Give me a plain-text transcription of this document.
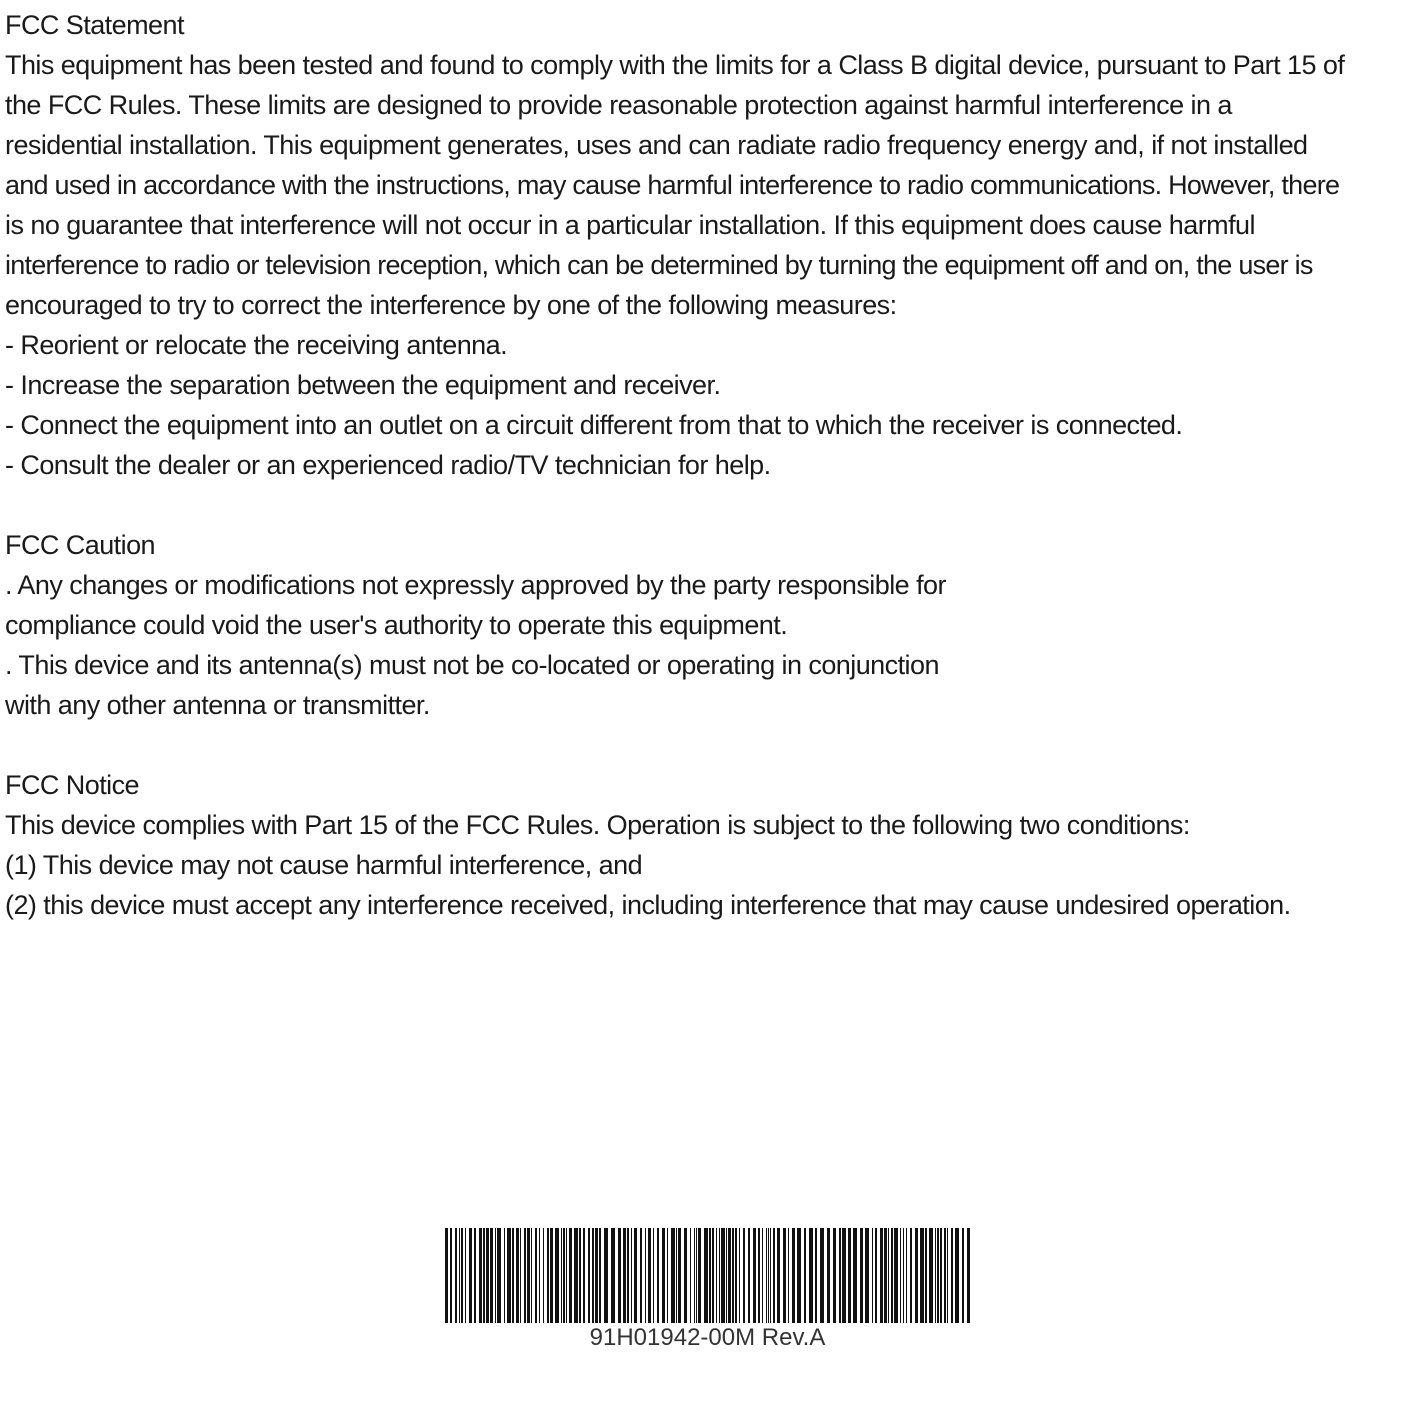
FCC Statement
This equipment has been tested and found to comply with the limits for a Class B digital device, pursuant to Part 15 of
the FCC Rules. These limits are designed to provide reasonable protection against harmful interference in a
residential installation. This equipment generates, uses and can radiate radio frequency energy and, if not installed
and used in accordance with the instructions, may cause harmful interference to radio communications. However, there
is no guarantee that interference will not occur in a particular installation. If this equipment does cause harmful
interference to radio or television reception, which can be determined by turning the equipment off and on, the user is
encouraged to try to correct the interference by one of the following measures:
- Reorient or relocate the receiving antenna.
- Increase the separation between the equipment and receiver.
- Connect the equipment into an outlet on a circuit different from that to which the receiver is connected.
- Consult the dealer or an experienced radio/TV technician for help.
FCC Caution
. Any changes or modifications not expressly approved by the party responsible for
compliance could void the user's authority to operate this equipment.
. This device and its antenna(s) must not be co-located or operating in conjunction
with any other antenna or transmitter.
FCC Notice
This device complies with Part 15 of the FCC Rules. Operation is subject to the following two conditions:
(1) This device may not cause harmful interference, and
(2) this device must accept any interference received, including interference that may cause undesired operation.
91H01942-00M Rev.A
